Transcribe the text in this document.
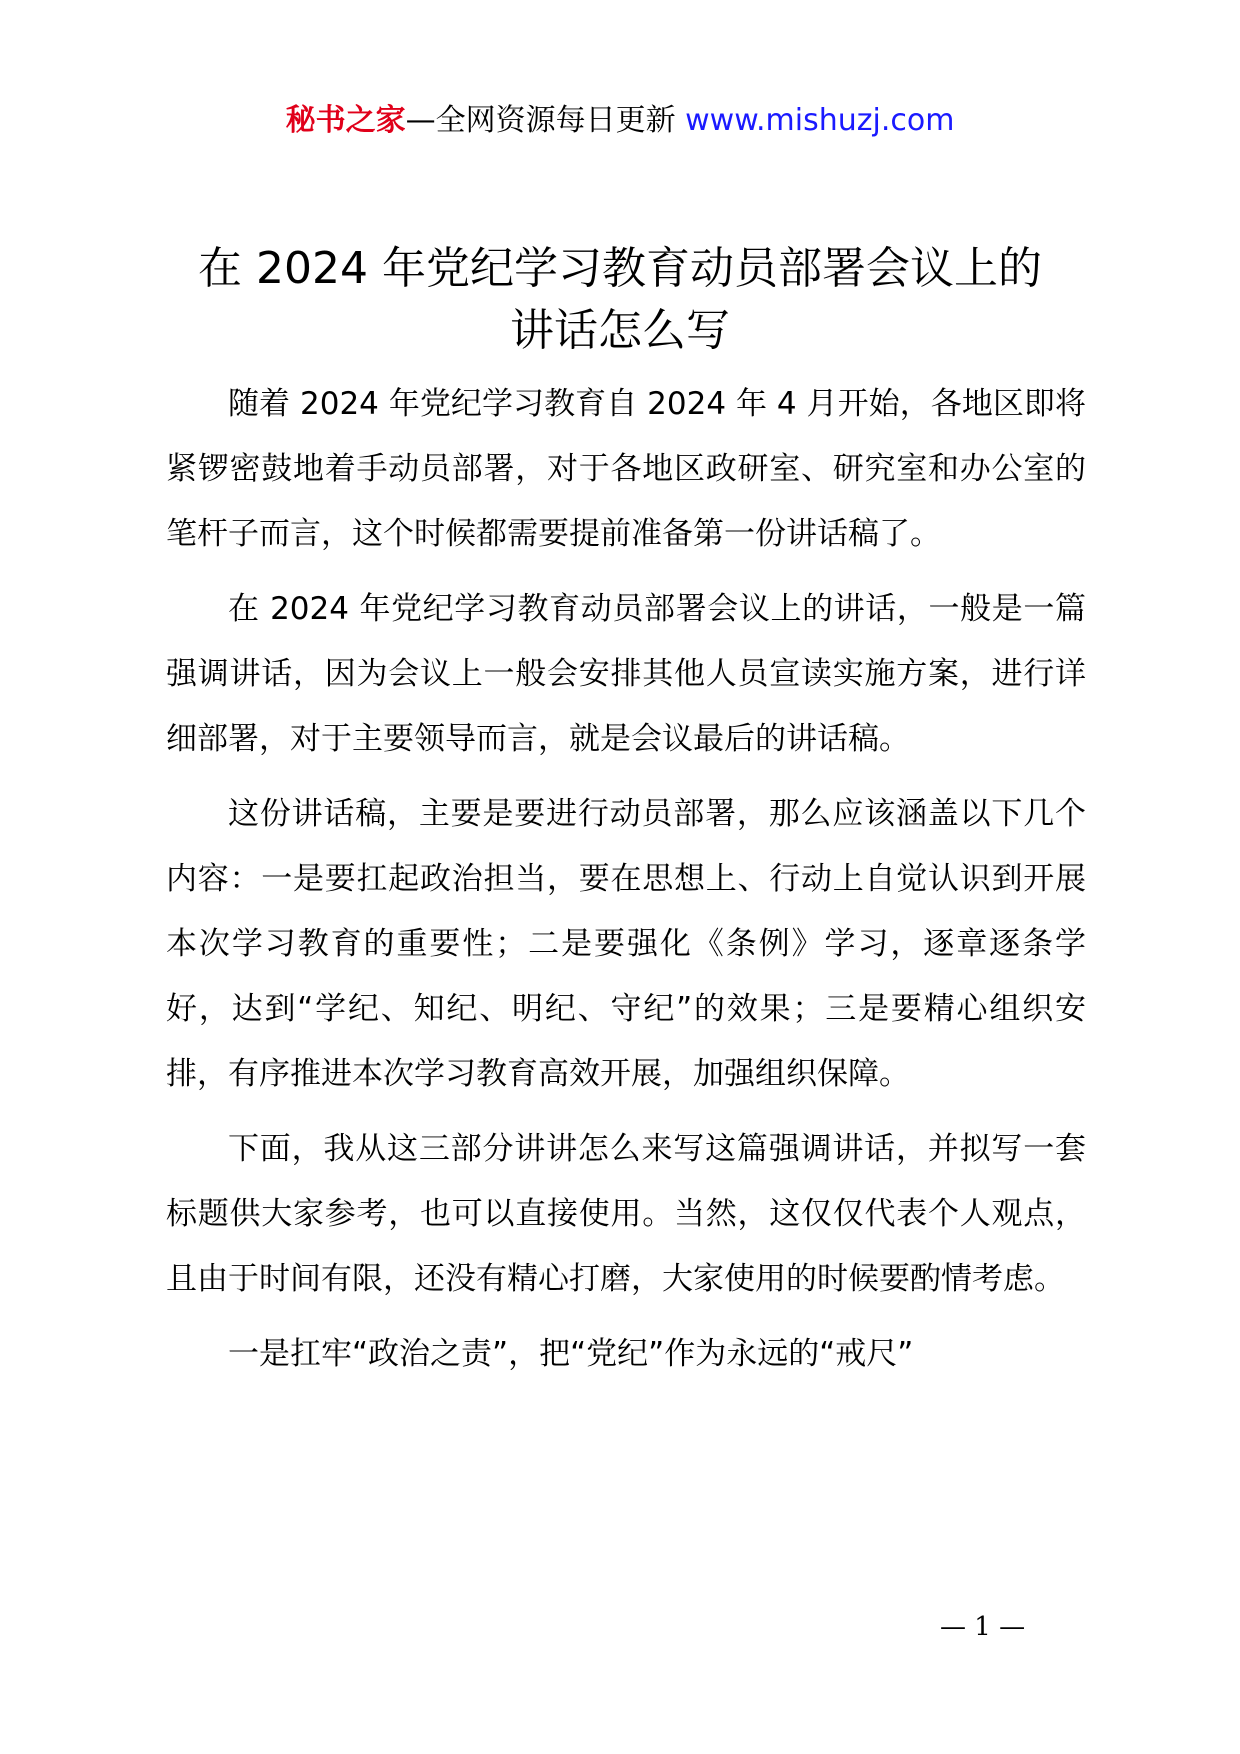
秘书之家—全网资源每日更新 www.mishuzj.com
在 2024 年党纪学习教育动员部署会议上的
讲话怎么写

随着 2024 年党纪学习教育自 2024 年 4 月开始，各地区即将紧锣密鼓地着手动员部署，对于各地区政研室、研究室和办公室的笔杆子而言，这个时候都需要提前准备第一份讲话稿了。

在 2024 年党纪学习教育动员部署会议上的讲话，一般是一篇强调讲话，因为会议上一般会安排其他人员宣读实施方案，进行详细部署，对于主要领导而言，就是会议最后的讲话稿。

这份讲话稿，主要是要进行动员部署，那么应该涵盖以下几个内容：一是要扛起政治担当，要在思想上、行动上自觉认识到开展本次学习教育的重要性；二是要强化《条例》学习，逐章逐条学好，达到“学纪、知纪、明纪、守纪”的效果；三是要精心组织安排，有序推进本次学习教育高效开展，加强组织保障。

下面，我从这三部分讲讲怎么来写这篇强调讲话，并拟写一套标题供大家参考，也可以直接使用。当然，这仅仅代表个人观点，且由于时间有限，还没有精心打磨，大家使用的时候要酌情考虑。

一是扛牢“政治之责”，把“党纪”作为永远的“戒尺”

— 1 —
